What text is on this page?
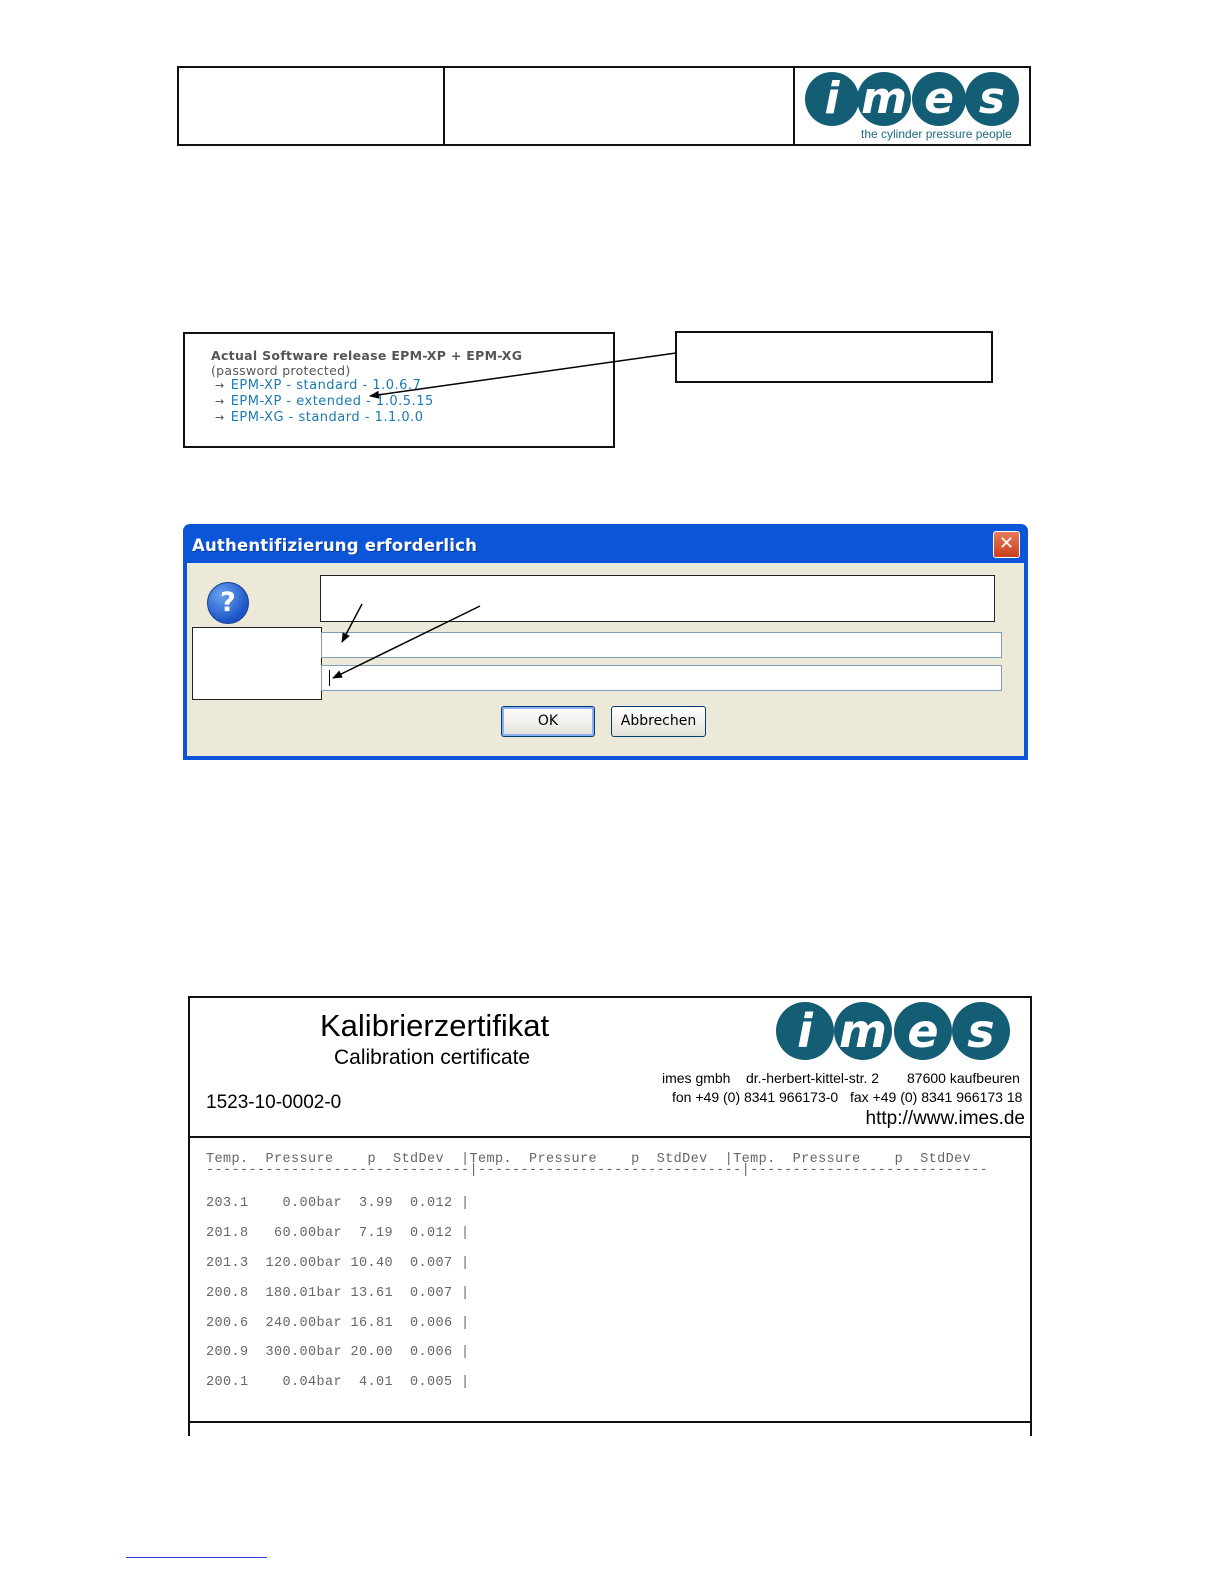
i m e s
the cylinder pressure people
Actual Software release EPM-XP + EPM-XG
(password protected)
→ EPM-XP - standard - 1.0.6.7
→ EPM-XP - extended - 1.0.5.15
→ EPM-XG - standard - 1.1.0.0
Authentifizierung erforderlich	✕
?
OK	Abbrechen
Kalibrierzertifikat
Calibration certificate
1523-10-0002-0
i m e s
imes gmbh dr.-herbert-kittel-str. 2 87600 kaufbeuren
fon +49 (0) 8341 966173-0 fax +49 (0) 8341 966173 18
http://www.imes.de
Temp.  Pressure    p  StdDev  |Temp.  Pressure    p  StdDev  |Temp.  Pressure    p  StdDev
-------------------------------|-------------------------------|----------------------------
203.1    0.00bar  3.99  0.012 |
201.8   60.00bar  7.19  0.012 |
201.3  120.00bar 10.40  0.007 |
200.8  180.01bar 13.61  0.007 |
200.6  240.00bar 16.81  0.006 |
200.9  300.00bar 20.00  0.006 |
200.1    0.04bar  4.01  0.005 |
